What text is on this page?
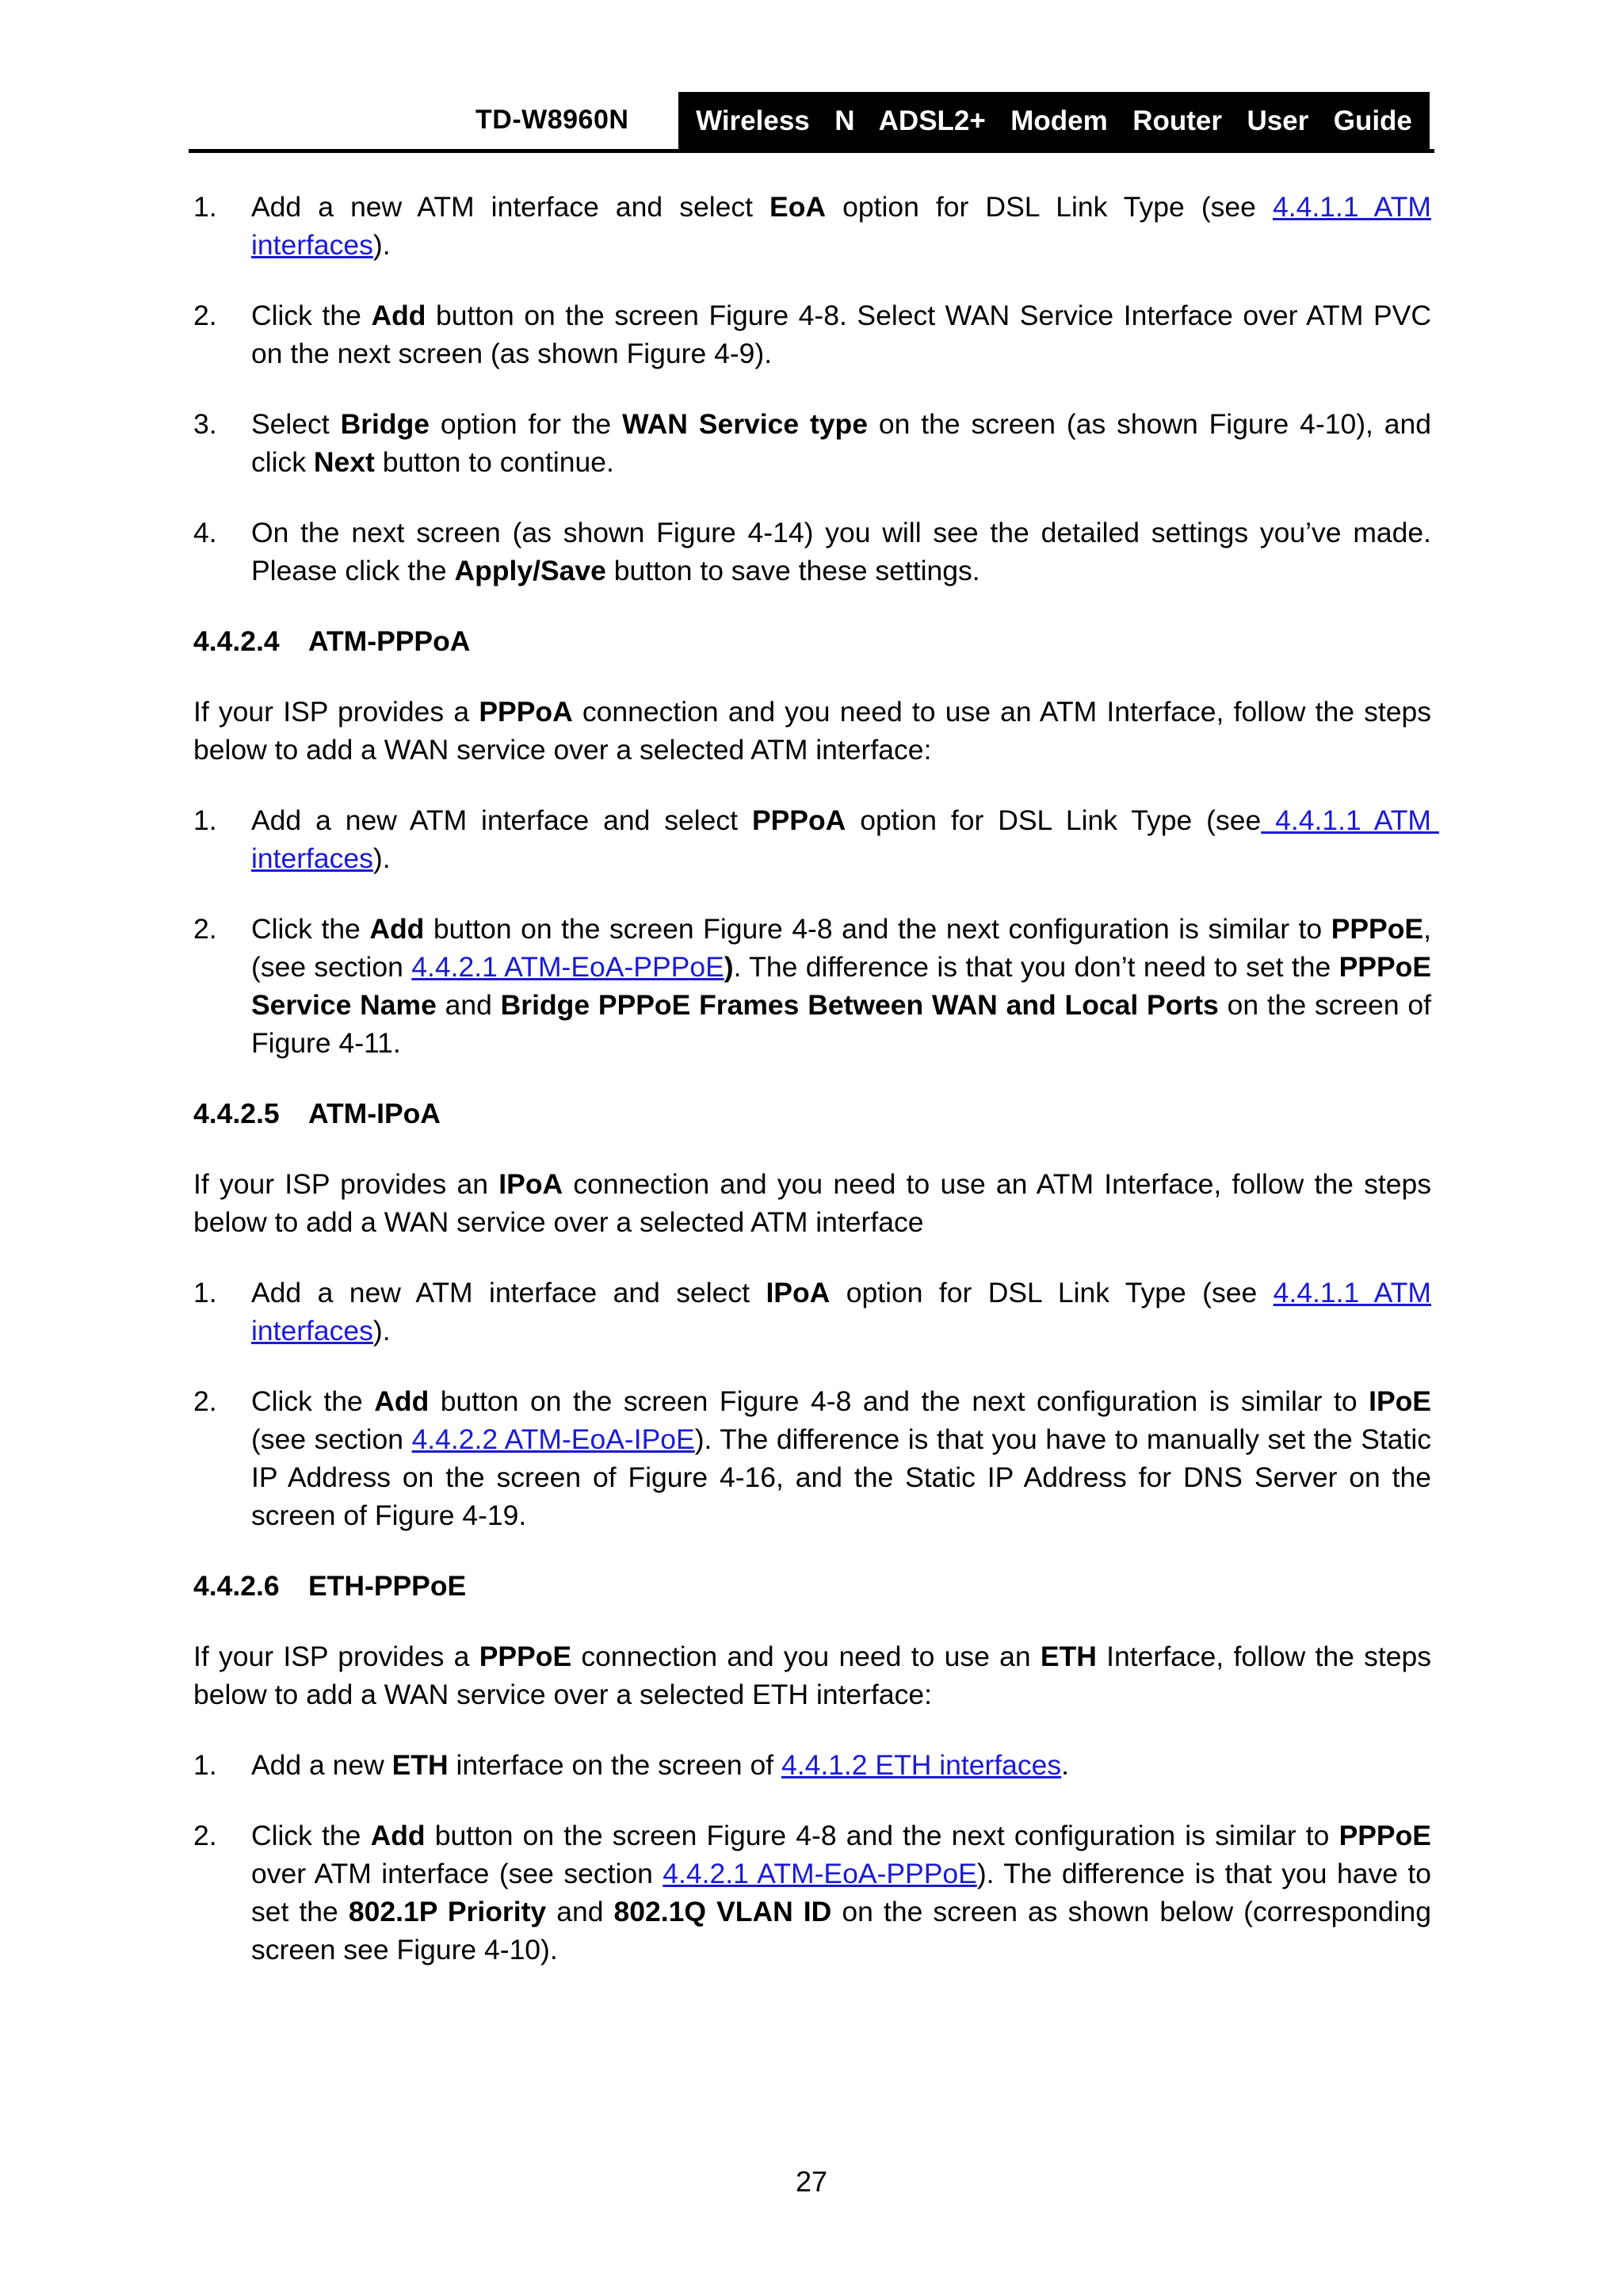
TD-W8960N Wireless  N  ADSL2+  Modem  Router  User  Guide
1. Add a new ATM interface and select EoA option for DSL Link Type (see 4.4.1.1 ATM interfaces).
2. Click the Add button on the screen Figure 4-8. Select WAN Service Interface over ATM PVC on the next screen (as shown Figure 4-9).
3. Select Bridge option for the WAN Service type on the screen (as shown Figure 4-10), and click Next button to continue.
4. On the next screen (as shown Figure 4-14) you will see the detailed settings you’ve made. Please click the Apply/Save button to save these settings.
4.4.2.4 ATM-PPPoA
If your ISP provides a PPPoA connection and you need to use an ATM Interface, follow the steps below to add a WAN service over a selected ATM interface:
1. Add a new ATM interface and select PPPoA option for DSL Link Type (see 4.4.1.1 ATM interfaces).
2. Click the Add button on the screen Figure 4-8 and the next configuration is similar to PPPoE, (see section 4.4.2.1 ATM-EoA-PPPoE). The difference is that you don’t need to set the PPPoE Service Name and Bridge PPPoE Frames Between WAN and Local Ports on the screen of Figure 4-11.
4.4.2.5 ATM-IPoA
If your ISP provides an IPoA connection and you need to use an ATM Interface, follow the steps below to add a WAN service over a selected ATM interface
1. Add a new ATM interface and select IPoA option for DSL Link Type (see 4.4.1.1 ATM interfaces).
2. Click the Add button on the screen Figure 4-8 and the next configuration is similar to IPoE (see section 4.4.2.2 ATM-EoA-IPoE). The difference is that you have to manually set the Static IP Address on the screen of Figure 4-16, and the Static IP Address for DNS Server on the screen of Figure 4-19.
4.4.2.6 ETH-PPPoE
If your ISP provides a PPPoE connection and you need to use an ETH Interface, follow the steps below to add a WAN service over a selected ETH interface:
1. Add a new ETH interface on the screen of 4.4.1.2 ETH interfaces.
2. Click the Add button on the screen Figure 4-8 and the next configuration is similar to PPPoE over ATM interface (see section 4.4.2.1 ATM-EoA-PPPoE). The difference is that you have to set the 802.1P Priority and 802.1Q VLAN ID on the screen as shown below (corresponding screen see Figure 4-10).
27
